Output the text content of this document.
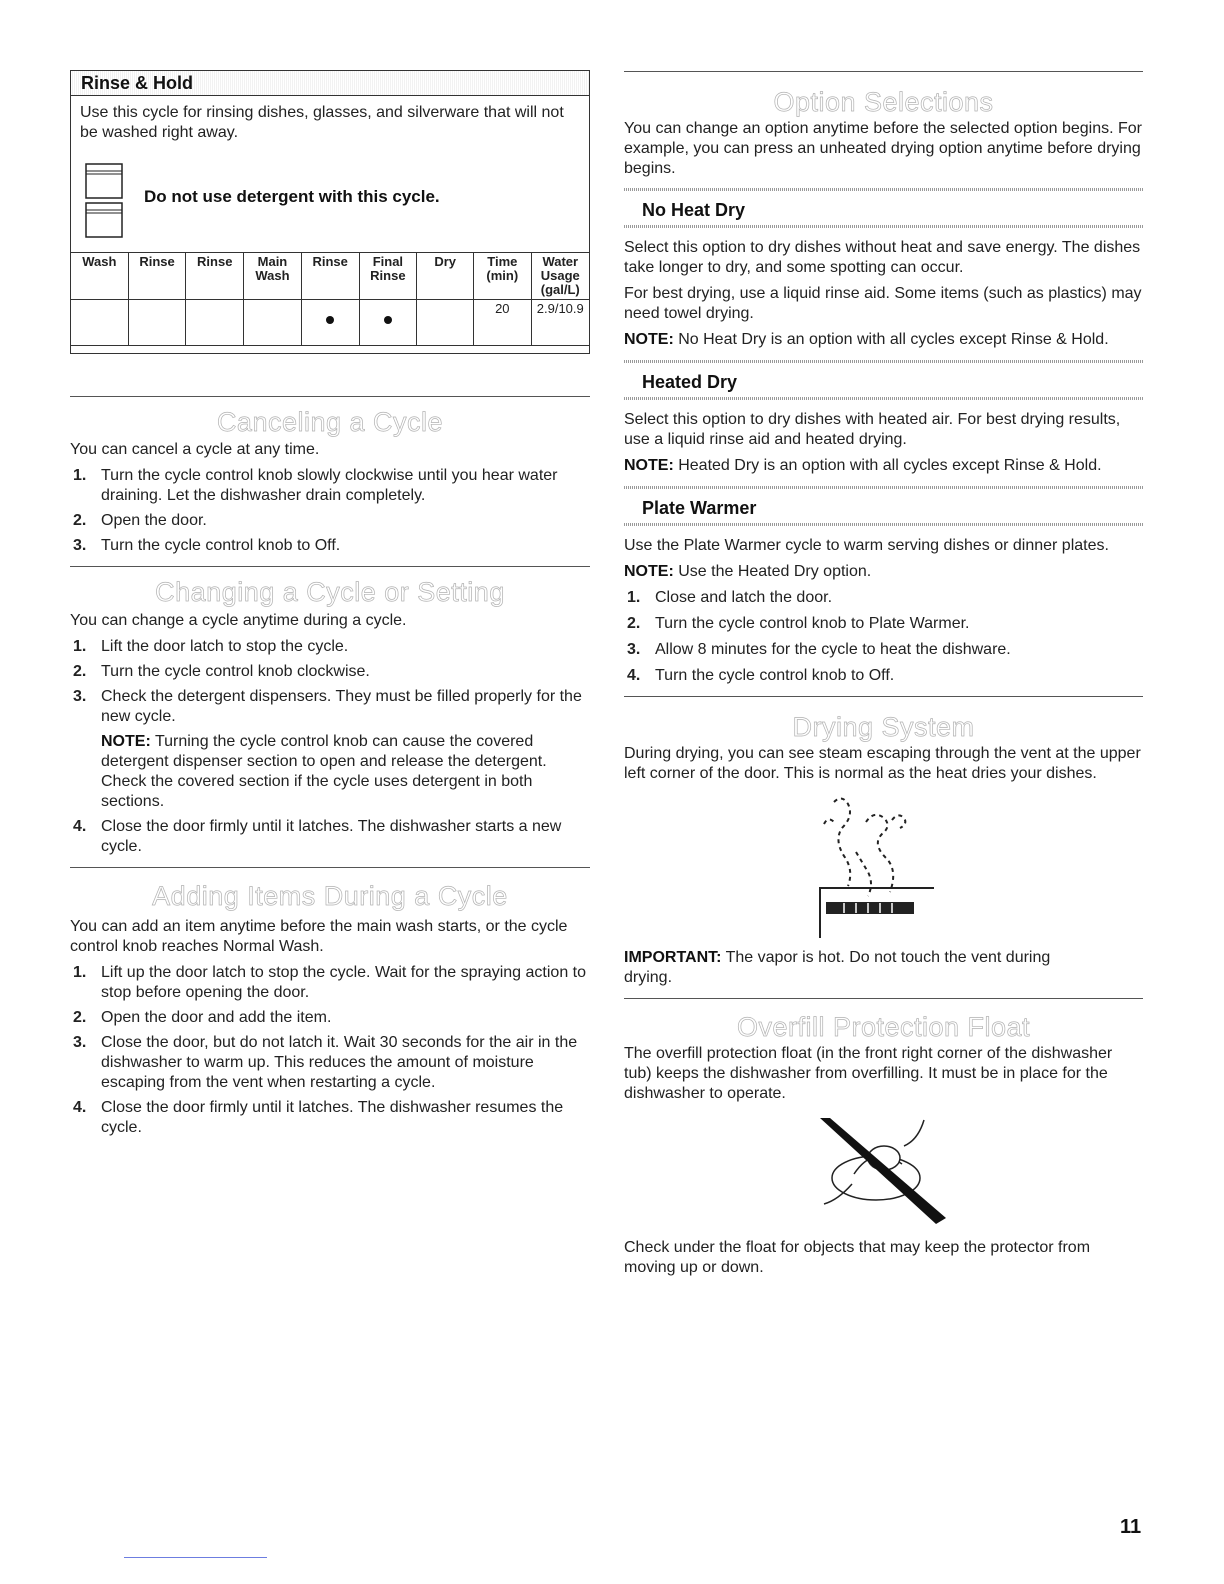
Rinse & Hold

Use this cycle for rinsing dishes, glasses, and silverware that will not be washed right away.

Do not use detergent with this cycle.

Wash	Rinse	Rinse	Main Wash	Rinse	Final Rinse	Dry	Time (min)	Water Usage (gal/L)
							20	2.9/10.9
Canceling a Cycle

You can cancel a cycle at any time.

1. Turn the cycle control knob slowly clockwise until you hear water draining. Let the dishwasher drain completely.
2. Open the door.
3. Turn the cycle control knob to Off.
Changing a Cycle or Setting

You can change a cycle anytime during a cycle.

1. Lift the door latch to stop the cycle.
2. Turn the cycle control knob clockwise.
3. Check the detergent dispensers. They must be filled properly for the new cycle.
NOTE: Turning the cycle control knob can cause the covered detergent dispenser section to open and release the detergent. Check the covered section if the cycle uses detergent in both sections.
4. Close the door firmly until it latches. The dishwasher starts a new cycle.
Adding Items During a Cycle

You can add an item anytime before the main wash starts, or the cycle control knob reaches Normal Wash.

1. Lift up the door latch to stop the cycle. Wait for the spraying action to stop before opening the door.
2. Open the door and add the item.
3. Close the door, but do not latch it. Wait 30 seconds for the air in the dishwasher to warm up. This reduces the amount of moisture escaping from the vent when restarting a cycle.
4. Close the door firmly until it latches. The dishwasher resumes the cycle.
Option Selections

You can change an option anytime before the selected option begins. For example, you can press an unheated drying option anytime before drying begins.

No Heat Dry

Select this option to dry dishes without heat and save energy. The dishes take longer to dry, and some spotting can occur.

For best drying, use a liquid rinse aid. Some items (such as plastics) may need towel drying.

NOTE: No Heat Dry is an option with all cycles except Rinse & Hold.

Heated Dry

Select this option to dry dishes with heated air. For best drying results, use a liquid rinse aid and heated drying.

NOTE: Heated Dry is an option with all cycles except Rinse & Hold.

Plate Warmer

Use the Plate Warmer cycle to warm serving dishes or dinner plates.

NOTE: Use the Heated Dry option.

1. Close and latch the door.
2. Turn the cycle control knob to Plate Warmer.
3. Allow 8 minutes for the cycle to heat the dishware.
4. Turn the cycle control knob to Off.
Drying System

During drying, you can see steam escaping through the vent at the upper left corner of the door. This is normal as the heat dries your dishes.

IMPORTANT: The vapor is hot. Do not touch the vent during drying.

Overfill Protection Float

The overfill protection float (in the front right corner of the dishwasher tub) keeps the dishwasher from overfilling. It must be in place for the dishwasher to operate.

Check under the float for objects that may keep the protector from moving up or down.

11
